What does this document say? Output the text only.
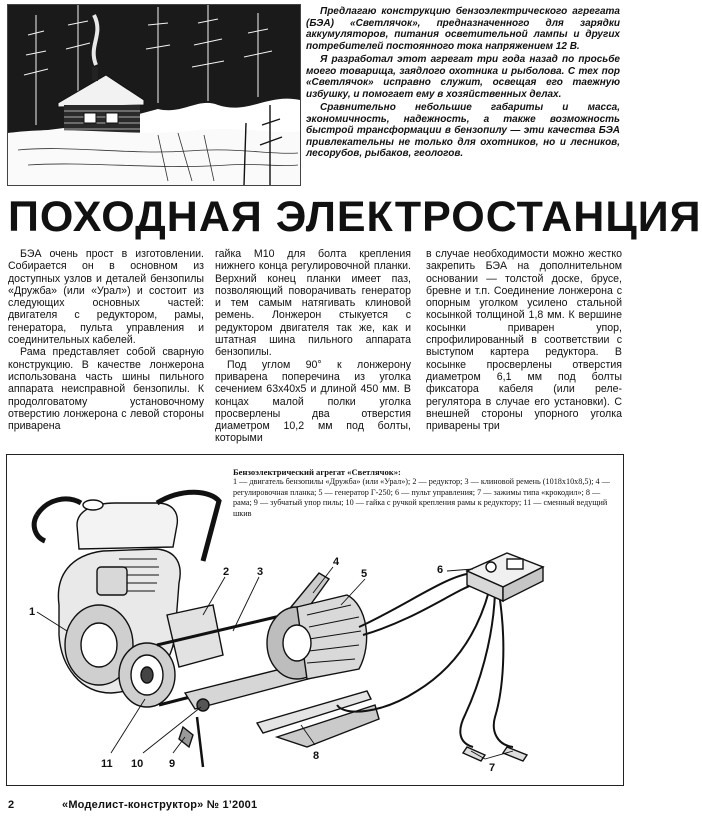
Предлагаю конструкцию бензоэлектрического агрегата (БЭА) «Светлячок», предназначенного для зарядки аккумуляторов, питания осветительной лампы и других потребителей постоянного тока напряжением 12 В.

Я разработал этот агрегат три года назад по просьбе моего товарища, заядлого охотника и рыболова. С тех пор «Светлячок» исправно служит, освещая его таежную избушку, и помогает ему в хозяйственных делах.

Сравнительно небольшие габариты и масса, экономичность, надежность, а также возможность быстрой трансформации в бензопилу — эти качества БЭА привлекательны не только для охотников, но и лесников, лесорубов, рыбаков, геологов.

ПОХОДНАЯ ЭЛЕКТРОСТАНЦИЯ

БЭА очень прост в изготовлении. Собирается он в основном из доступных узлов и деталей бензопилы «Дружба» (или «Урал») и состоит из следующих основных частей: двигателя с редуктором, рамы, генератора, пульта управления и соединительных кабелей.

Рама представляет собой сварную конструкцию. В качестве лонжерона использована часть шины пильного аппарата неисправной бензопилы. К продолговатому установочному отверстию лонжерона с левой стороны приварена

гайка М10 для болта крепления нижнего конца регулировочной планки. Верхний конец планки имеет паз, позволяющий поворачивать генератор и тем самым натягивать клиновой ремень. Лонжерон стыкуется с редуктором двигателя так же, как и штатная шина пильного аппарата бензопилы.

Под углом 90° к лонжерону приварена поперечина из уголка сечением 63х40х5 и длиной 450 мм. В концах малой полки уголка просверлены два отверстия диаметром 10,2 мм под болты, которыми

в случае необходимости можно жестко закрепить БЭА на дополнительном основании — толстой доске, брусе, бревне и т.п. Соединение лонжерона с опорным уголком усилено стальной косынкой толщиной 1,8 мм. К вершине косынки приварен упор, спрофилированный в соответствии с выступом картера редуктора. В косынке просверлены отверстия диаметром 6,1 мм под болты фиксатора кабеля (или реле-регулятора в случае его установки). С внешней стороны упорного уголка приварены три

1
2	3
4
5	6
7
8
9
10
11
Бензоэлектрический агрегат «Светлячок»:
1 — двигатель бензопилы «Дружба» (или «Урал»); 2 — редуктор; 3 — клиновой ремень (1018х10х8,5); 4 — регулировочная планка; 5 — генератор Г-250; 6 — пульт управления; 7 — зажимы типа «крокодил»; 8 — рама; 9 — зубчатый упор пилы; 10 — гайка с ручкой крепления рамы к редуктору; 11 — сменный ведущий шкив
2	«Моделист-конструктор» № 1’2001
